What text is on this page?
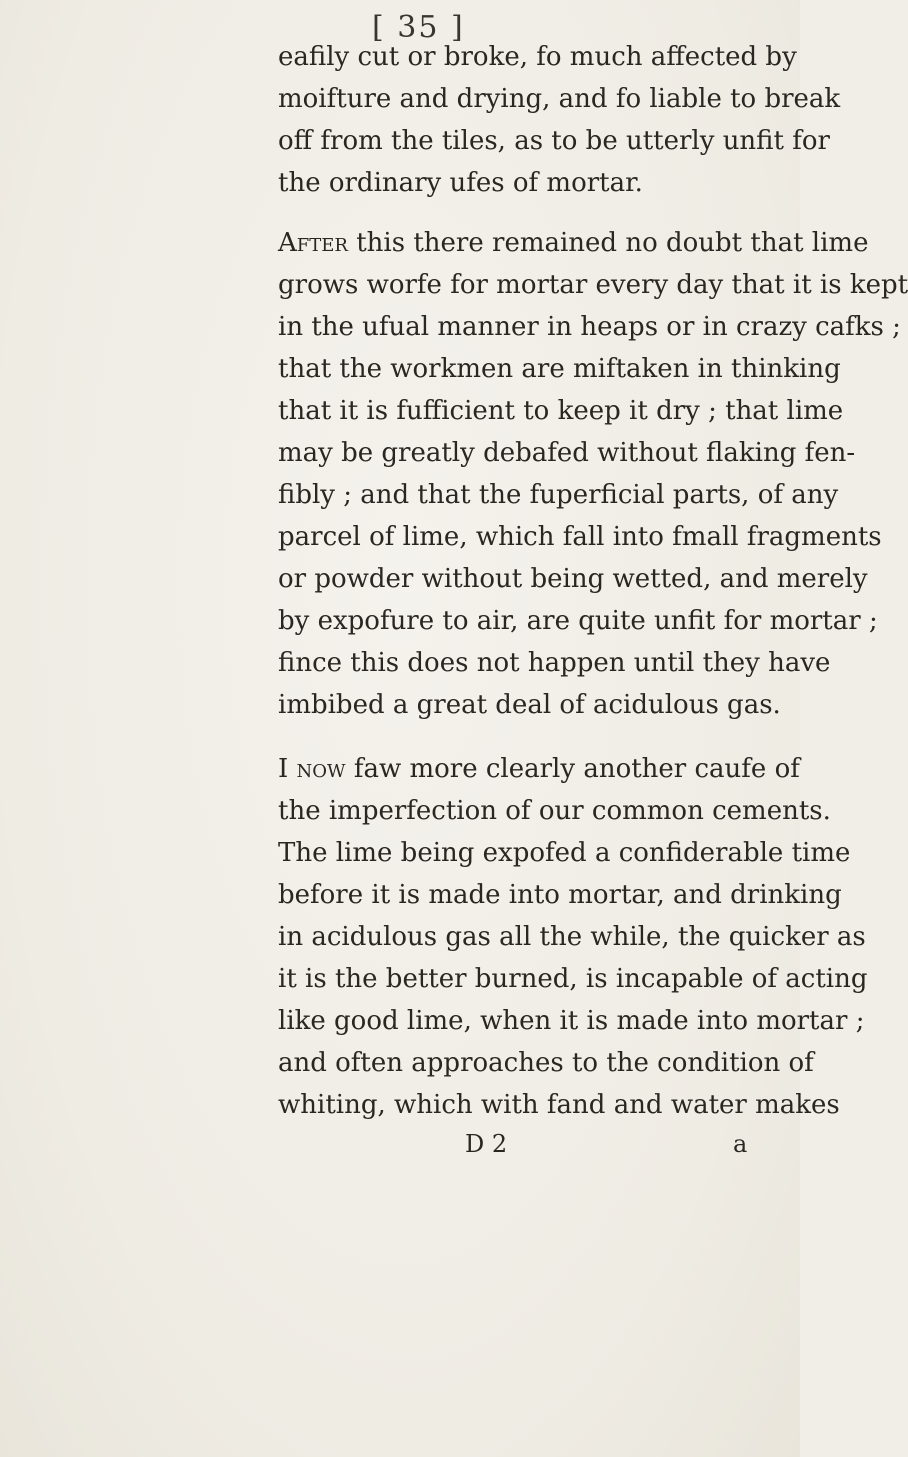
[ 35 ]
eafily cut or broke, fo much affected by
moifture and drying, and fo liable to break
off from the tiles, as to be utterly unfit for
the ordinary ufes of mortar.
After this there remained no doubt that lime
grows worfe for mortar every day that it is kept
in the ufual manner in heaps or in crazy cafks ;
that the workmen are miftaken in thinking
that it is fufficient to keep it dry ; that lime
may be greatly debafed without flaking fen-
fibly ; and that the fuperficial parts, of any
parcel of lime, which fall into fmall fragments
or powder without being wetted, and merely
by expofure to air, are quite unfit for mortar ;
fince this does not happen until they have
imbibed a great deal of acidulous gas.
I now faw more clearly another caufe of
the imperfection of our common cements.
The lime being expofed a confiderable time
before it is made into mortar, and drinking
in acidulous gas all the while, the quicker as
it is the better burned, is incapable of acting
like good lime, when it is made into mortar ;
and often approaches to the condition of
whiting, which with fand and water makes
D 2	a
